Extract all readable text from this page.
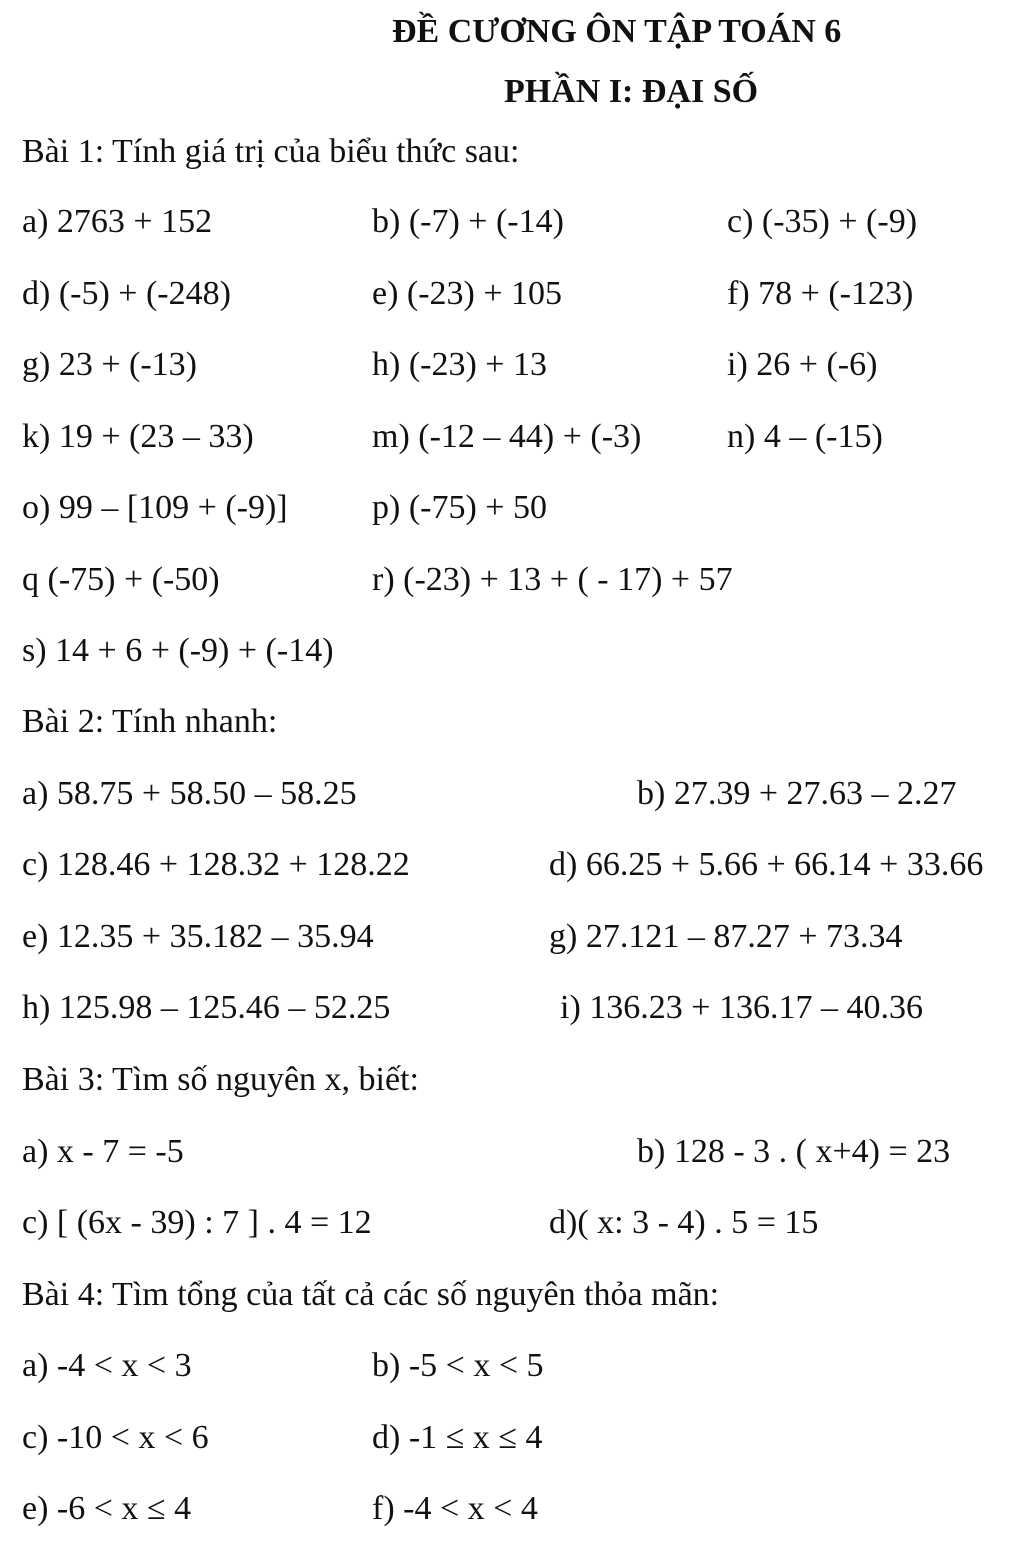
ĐỀ CƯƠNG ÔN TẬP TOÁN 6
PHẦN I: ĐẠI SỐ
Bài 1: Tính giá trị của biểu thức sau:
a) 2763 + 152	b) (-7) + (-14)	c) (-35) + (-9)
d) (-5) + (-248)	e) (-23) + 105	f) 78 + (-123)
g) 23 + (-13)	h) (-23) + 13	i) 26 + (-6)
k) 19 + (23 – 33)	m) (-12 – 44) + (-3)	n) 4 – (-15)
o) 99 – [109 + (-9)] p) (-75) + 50
q (-75) + (-50)	r) (-23) + 13 + ( - 17) + 57
s) 14 + 6 + (-9) + (-14)
Bài 2: Tính nhanh:
a) 58.75 + 58.50 – 58.25	b) 27.39 + 27.63 – 2.27
c) 128.46 + 128.32 + 128.22	d) 66.25 + 5.66 + 66.14 + 33.66
e) 12.35 + 35.182 – 35.94	g) 27.121 – 87.27 + 73.34
h) 125.98 – 125.46 – 52.25	i) 136.23 + 136.17 – 40.36
Bài 3: Tìm số nguyên x, biết:
a) x - 7 = -5	b) 128 - 3 . ( x+4) = 23
c) [ (6x - 39) : 7 ] . 4 = 12	d)( x: 3 - 4) . 5 = 15
Bài 4: Tìm tổng của tất cả các số nguyên thỏa mãn:
a) -4 < x < 3	b) -5 < x < 5
c) -10 < x < 6	d) -1 ≤ x ≤ 4
e) -6 < x ≤ 4	f) -4 < x < 4
